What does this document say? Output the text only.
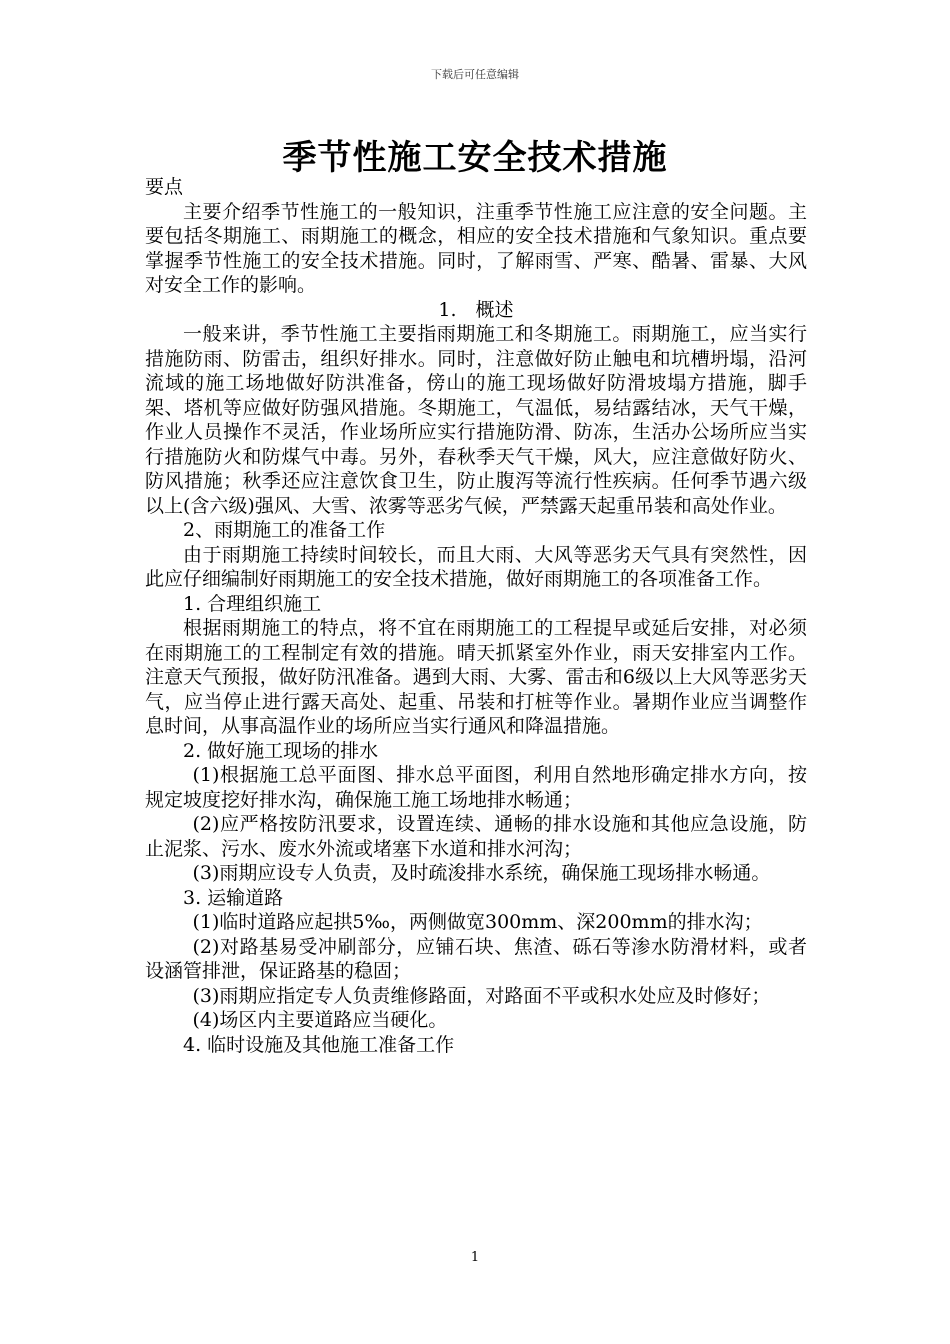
下载后可任意编辑
季节性施工安全技术措施

要点

主要介绍季节性施工的一般知识，注重季节性施工应注意的安全问题。主要包括冬期施工、雨期施工的概念，相应的安全技术措施和气象知识。重点要掌握季节性施工的安全技术措施。同时，了解雨雪、严寒、酷暑、雷暴、大风对安全工作的影响。

1.　概述

一般来讲，季节性施工主要指雨期施工和冬期施工。雨期施工，应当实行措施防雨、防雷击，组织好排水。同时，注意做好防止触电和坑槽坍塌，沿河流域的施工场地做好防洪准备，傍山的施工现场做好防滑坡塌方措施，脚手架、塔机等应做好防强风措施。冬期施工，气温低，易结露结冰，天气干燥，作业人员操作不灵活，作业场所应实行措施防滑、防冻，生活办公场所应当实行措施防火和防煤气中毒。另外，春秋季天气干燥，风大，应注意做好防火、防风措施；秋季还应注意饮食卫生，防止腹泻等流行性疾病。任何季节遇六级以上(含六级)强风、大雪、浓雾等恶劣气候，严禁露天起重吊装和高处作业。

2、雨期施工的准备工作

由于雨期施工持续时间较长，而且大雨、大风等恶劣天气具有突然性，因此应仔细编制好雨期施工的安全技术措施，做好雨期施工的各项准备工作。

1. 合理组织施工

根据雨期施工的特点，将不宜在雨期施工的工程提早或延后安排，对必须在雨期施工的工程制定有效的措施。晴天抓紧室外作业，雨天安排室内工作。注意天气预报，做好防汛准备。遇到大雨、大雾、雷击和6级以上大风等恶劣天气，应当停止进行露天高处、起重、吊装和打桩等作业。暑期作业应当调整作息时间，从事高温作业的场所应当实行通风和降温措施。

2. 做好施工现场的排水

(1)根据施工总平面图、排水总平面图，利用自然地形确定排水方向，按规定坡度挖好排水沟，确保施工施工场地排水畅通；

(2)应严格按防汛要求，设置连续、通畅的排水设施和其他应急设施，防止泥浆、污水、废水外流或堵塞下水道和排水河沟；

(3)雨期应设专人负责，及时疏浚排水系统，确保施工现场排水畅通。

3. 运输道路

(1)临时道路应起拱5‰，两侧做宽300mm、深200mm的排水沟；

(2)对路基易受冲刷部分，应铺石块、焦渣、砾石等渗水防滑材料，或者设涵管排泄，保证路基的稳固；

(3)雨期应指定专人负责维修路面，对路面不平或积水处应及时修好；

(4)场区内主要道路应当硬化。

4. 临时设施及其他施工准备工作

1
